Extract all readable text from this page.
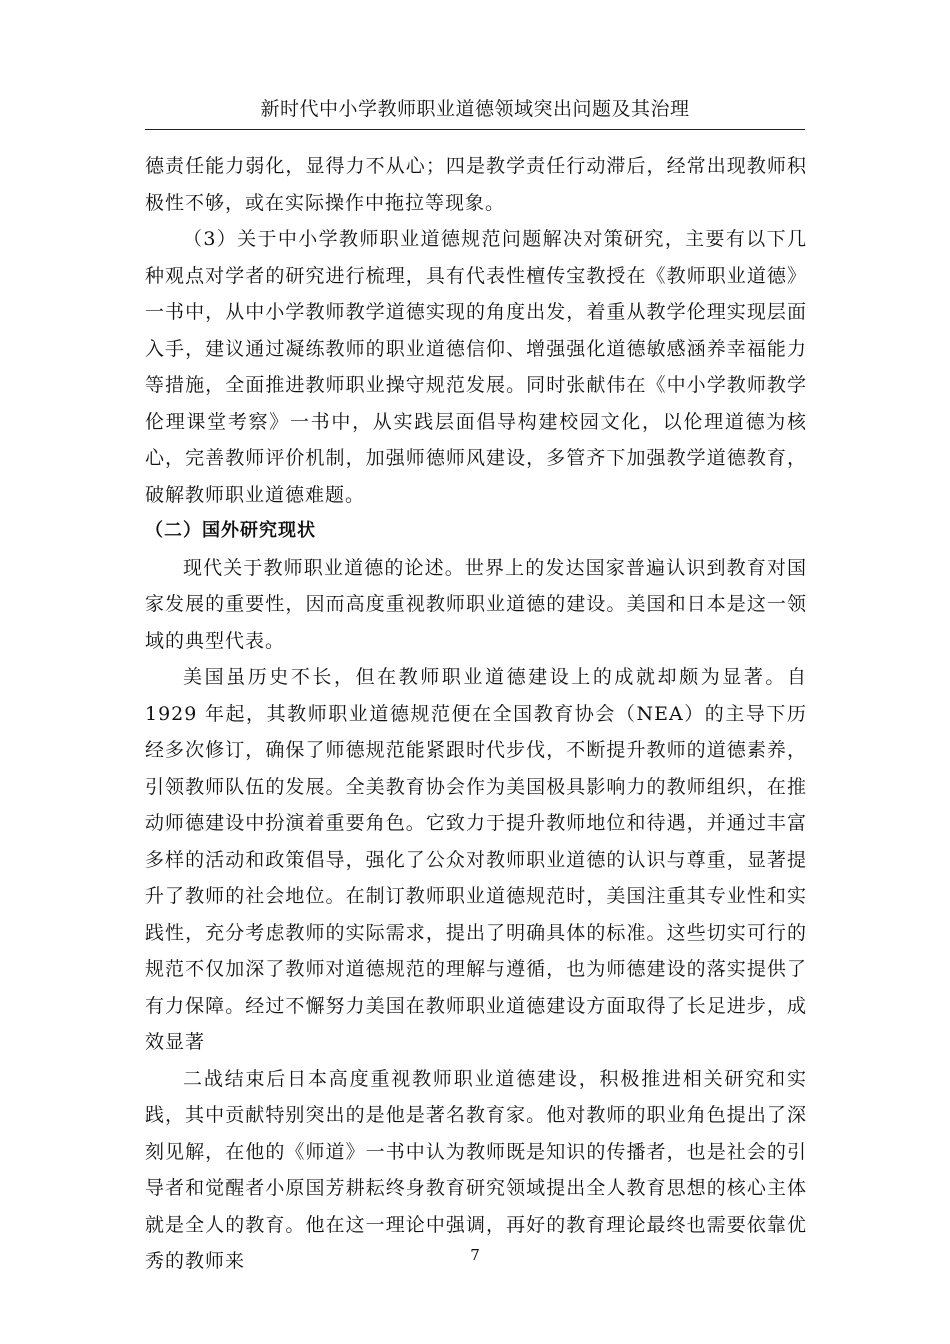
新时代中小学教师职业道德领域突出问题及其治理

德责任能力弱化，显得力不从心；四是教学责任行动滞后，经常出现教师积极性不够，或在实际操作中拖拉等现象。

（3）关于中小学教师职业道德规范问题解决对策研究，主要有以下几种观点对学者的研究进行梳理，具有代表性檀传宝教授在《教师职业道德》一书中，从中小学教师教学道德实现的角度出发，着重从教学伦理实现层面入手，建议通过凝练教师的职业道德信仰、增强强化道德敏感涵养幸福能力等措施，全面推进教师职业操守规范发展。同时张献伟在《中小学教师教学伦理课堂考察》一书中，从实践层面倡导构建校园文化，以伦理道德为核心，完善教师评价机制，加强师德师风建设，多管齐下加强教学道德教育，破解教师职业道德难题。

（二）国外研究现状

现代关于教师职业道德的论述。世界上的发达国家普遍认识到教育对国家发展的重要性，因而高度重视教师职业道德的建设。美国和日本是这一领域的典型代表。

美国虽历史不长，但在教师职业道德建设上的成就却颇为显著。自 1929 年起，其教师职业道德规范便在全国教育协会（NEA）的主导下历经多次修订，确保了师德规范能紧跟时代步伐，不断提升教师的道德素养，引领教师队伍的发展。全美教育协会作为美国极具影响力的教师组织，在推动师德建设中扮演着重要角色。它致力于提升教师地位和待遇，并通过丰富多样的活动和政策倡导，强化了公众对教师职业道德的认识与尊重，显著提升了教师的社会地位。在制订教师职业道德规范时，美国注重其专业性和实践性，充分考虑教师的实际需求，提出了明确具体的标准。这些切实可行的规范不仅加深了教师对道德规范的理解与遵循，也为师德建设的落实提供了有力保障。经过不懈努力美国在教师职业道德建设方面取得了长足进步，成效显著

二战结束后日本高度重视教师职业道德建设，积极推进相关研究和实践，其中贡献特别突出的是他是著名教育家。他对教师的职业角色提出了深刻见解，在他的《师道》一书中认为教师既是知识的传播者，也是社会的引导者和觉醒者小原国芳耕耘终身教育研究领域提出全人教育思想的核心主体就是全人的教育。他在这一理论中强调，再好的教育理论最终也需要依靠优秀的教师来	7
